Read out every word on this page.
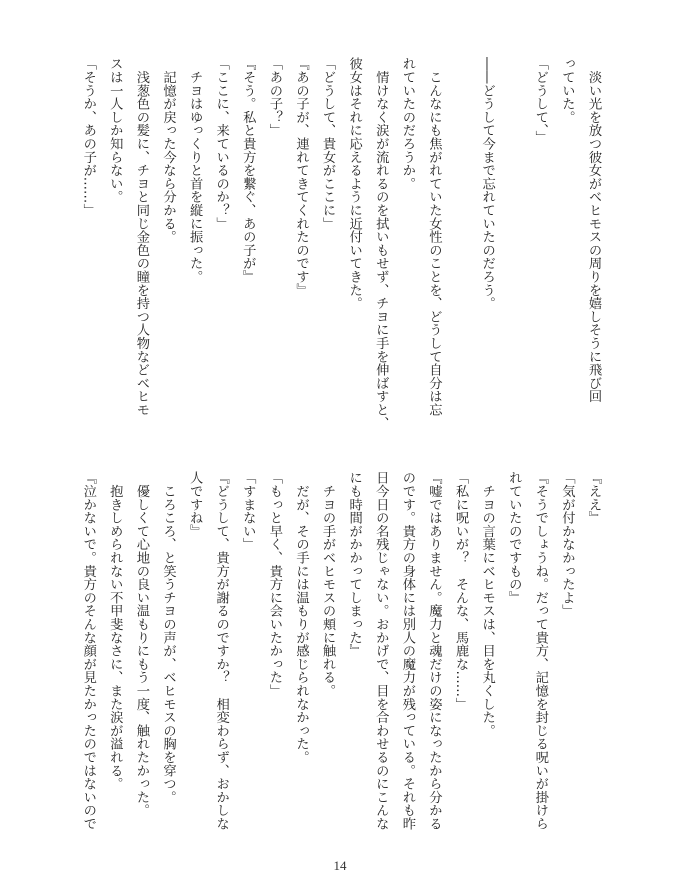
　淡い光を放つ彼女がベヒモスの周りを嬉しそうに飛び回

っていた。

「どうして、」

――どうして今まで忘れていたのだろう。

　こんなにも焦がれていた女性のことを、どうして自分は忘

れていたのだろうか。

　情けなく涙が流れるのを拭いもせず、チヨに手を伸ばすと、

彼女はそれに応えるように近付いてきた。

「どうして、貴女がここに」

『あの子が、連れてきてくれたのです』

「あの子？」

『そう。私と貴方を繋ぐ、あの子が』

「ここに、来ているのか？」

　チヨはゆっくりと首を縦に振った。

　記憶が戻った今なら分かる。

　浅葱色の髪に、チヨと同じ金色の瞳を持つ人物などベヒモ

スは一人しか知らない。

「そうか、あの子が……」

『ええ』

「気が付かなかったよ」

『そうでしょうね。だって貴方、記憶を封じる呪いが掛けら

れていたのですもの』

　チヨの言葉にベヒモスは、目を丸くした。

「私に呪いが？　そんな、馬鹿な……」

『嘘ではありません。魔力と魂だけの姿になったから分かる

のです。貴方の身体には別人の魔力が残っている。それも昨

日今日の名残じゃない。おかげで、目を合わせるのにこんな

にも時間がかかってしまった』

　チヨの手がベヒモスの頬に触れる。

　だが、その手には温もりが感じられなかった。

「もっと早く、貴方に会いたかった」

「すまない」

『どうして、貴方が謝るのですか？　相変わらず、おかしな

人ですね』

　ころころ、と笑うチヨの声が、ベヒモスの胸を穿つ。

　優しくて心地の良い温もりにもう一度、触れたかった。

　抱きしめられない不甲斐なさに、また涙が溢れる。

『泣かないで。貴方のそんな顔が見たかったのではないので

14
